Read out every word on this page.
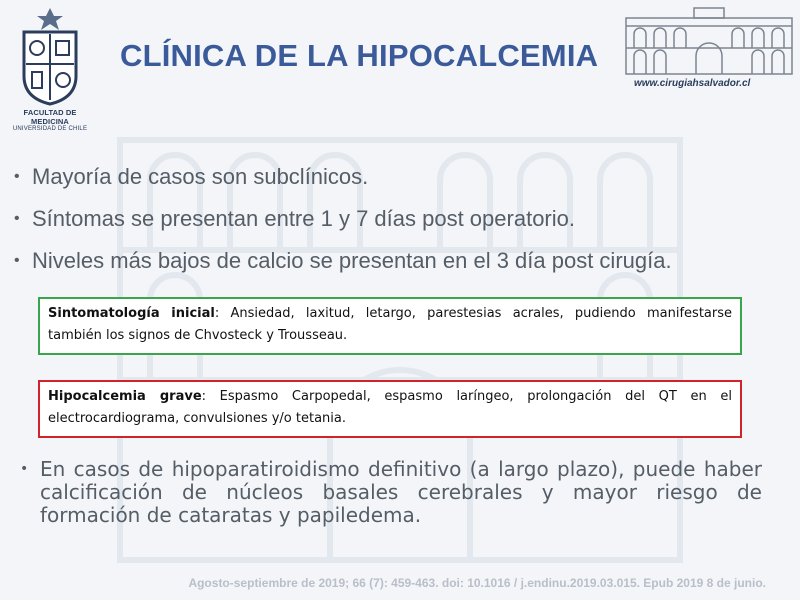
FACULTAD DE MEDICINA
UNIVERSIDAD DE CHILE
CLÍNICA DE LA HIPOCALCEMIA
www.cirugiahsalvador.cl
• Mayoría de casos son subclínicos.
• Síntomas se presentan entre 1 y 7 días post operatorio.
• Niveles más bajos de calcio se presentan en el 3 día post cirugía.
Sintomatología inicial: Ansiedad, laxitud, letargo, parestesias acrales, pudiendo manifestarse también los signos de Chvosteck y Trousseau.
Hipocalcemia grave: Espasmo Carpopedal, espasmo laríngeo, prolongación del QT en el electrocardiograma, convulsiones y/o tetania.
• En casos de hipoparatiroidismo definitivo (a largo plazo), puede haber calcificación de núcleos basales cerebrales y mayor riesgo de formación de cataratas y papiledema.
Agosto-septiembre de 2019; 66 (7): 459-463. doi: 10.1016 / j.endinu.2019.03.015. Epub 2019 8 de junio.
